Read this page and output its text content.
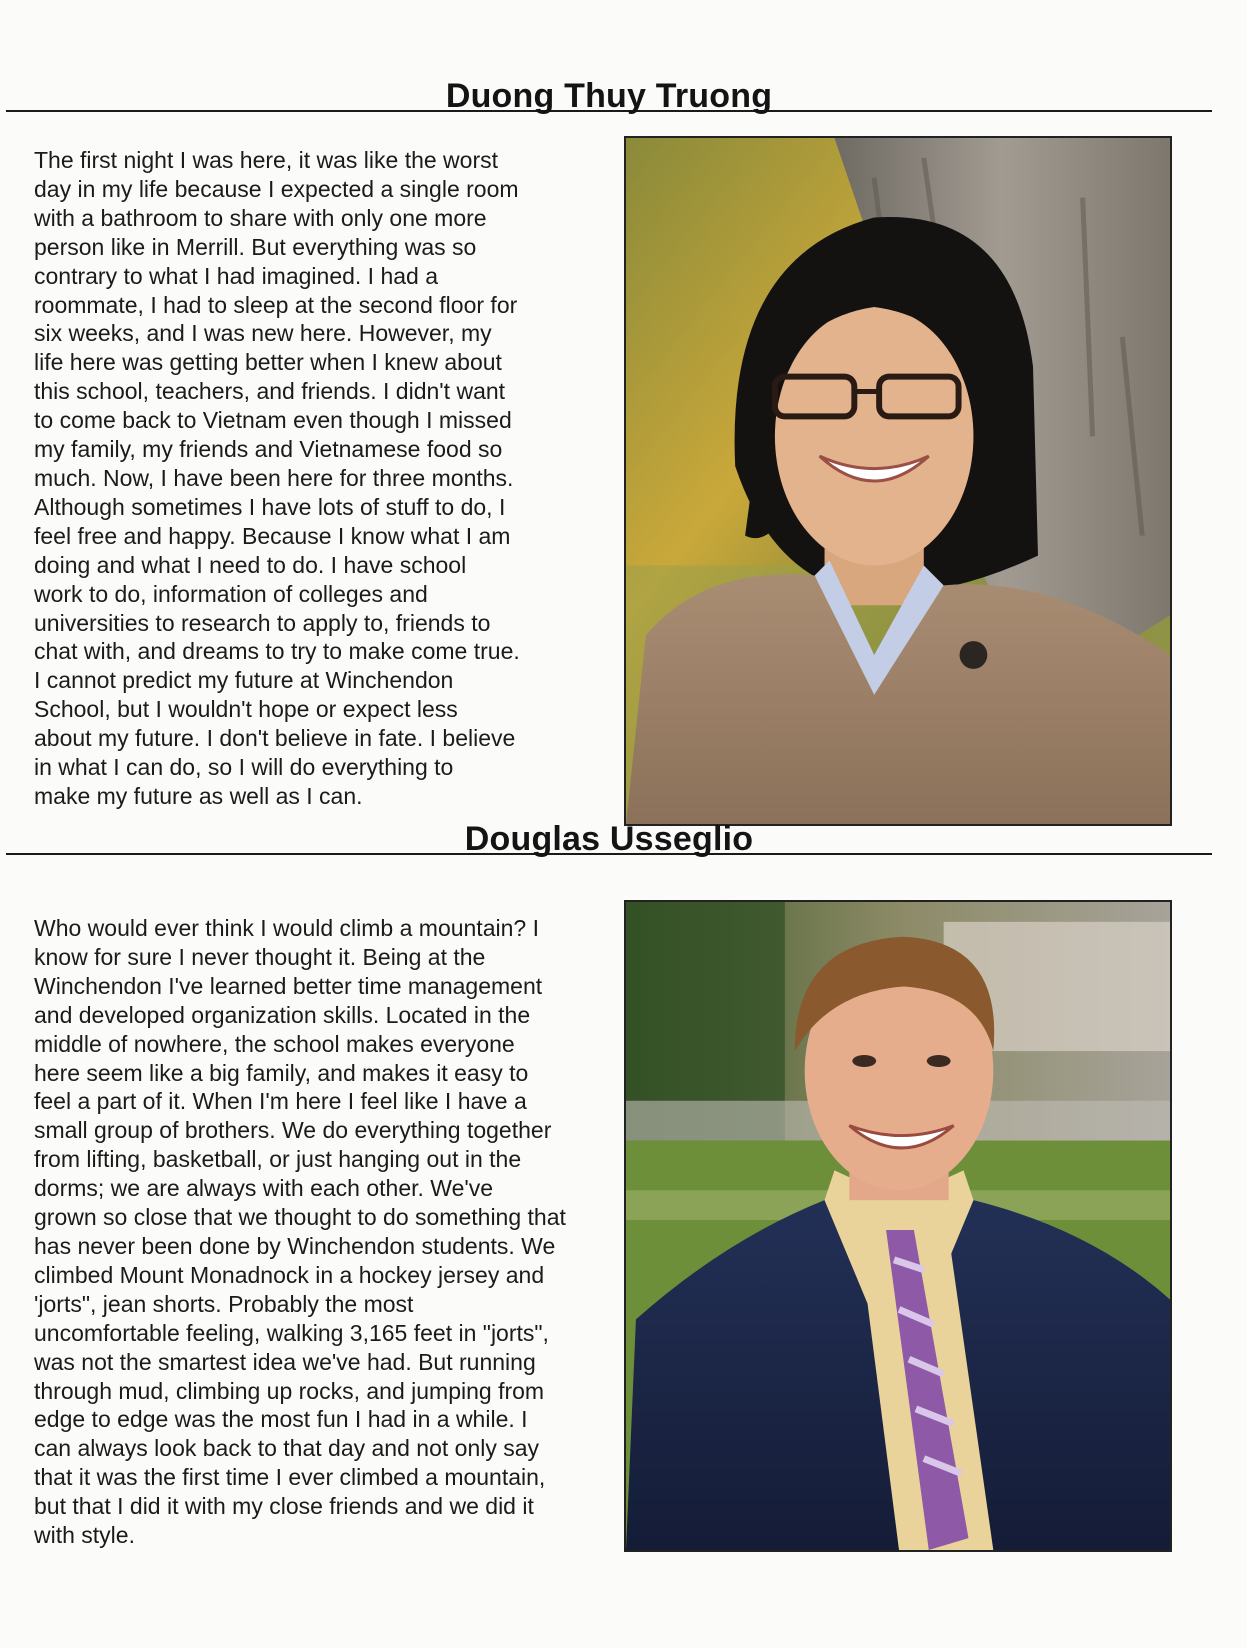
Duong Thuy Truong

The first night I was here, it was like the worst
day in my life because I expected a single room
with a bathroom to share with only one more
person like in Merrill. But everything was so
contrary to what I had imagined. I had a
roommate, I had to sleep at the second floor for
six weeks, and I was new here. However, my
life here was getting better when I knew about
this school, teachers, and friends. I didn't want
to come back to Vietnam even though I missed
my family, my friends and Vietnamese food so
much. Now, I have been here for three months.
Although sometimes I have lots of stuff to do, I
feel free and happy. Because I know what I am
doing and what I need to do. I have school
work to do, information of colleges and
universities to research to apply to, friends to
chat with, and dreams to try to make come true.
I cannot predict my future at Winchendon
School, but I wouldn't hope or expect less
about my future. I don't believe in fate. I believe
in what I can do, so I will do everything to
make my future as well as I can.

Douglas Usseglio

Who would ever think I would climb a mountain? I
know for sure I never thought it. Being at the
Winchendon I've learned better time management
and developed organization skills. Located in the
middle of nowhere, the school makes everyone
here seem like a big family, and makes it easy to
feel a part of it. When I'm here I feel like I have a
small group of brothers. We do everything together
from lifting, basketball, or just hanging out in the
dorms; we are always with each other. We've
grown so close that we thought to do something that
has never been done by Winchendon students. We
climbed Mount Monadnock in a hockey jersey and
'jorts", jean shorts. Probably the most
uncomfortable feeling, walking 3,165 feet in "jorts",
was not the smartest idea we've had. But running
through mud, climbing up rocks, and jumping from
edge to edge was the most fun I had in a while. I
can always look back to that day and not only say
that it was the first time I ever climbed a mountain,
but that I did it with my close friends and we did it
with style.
